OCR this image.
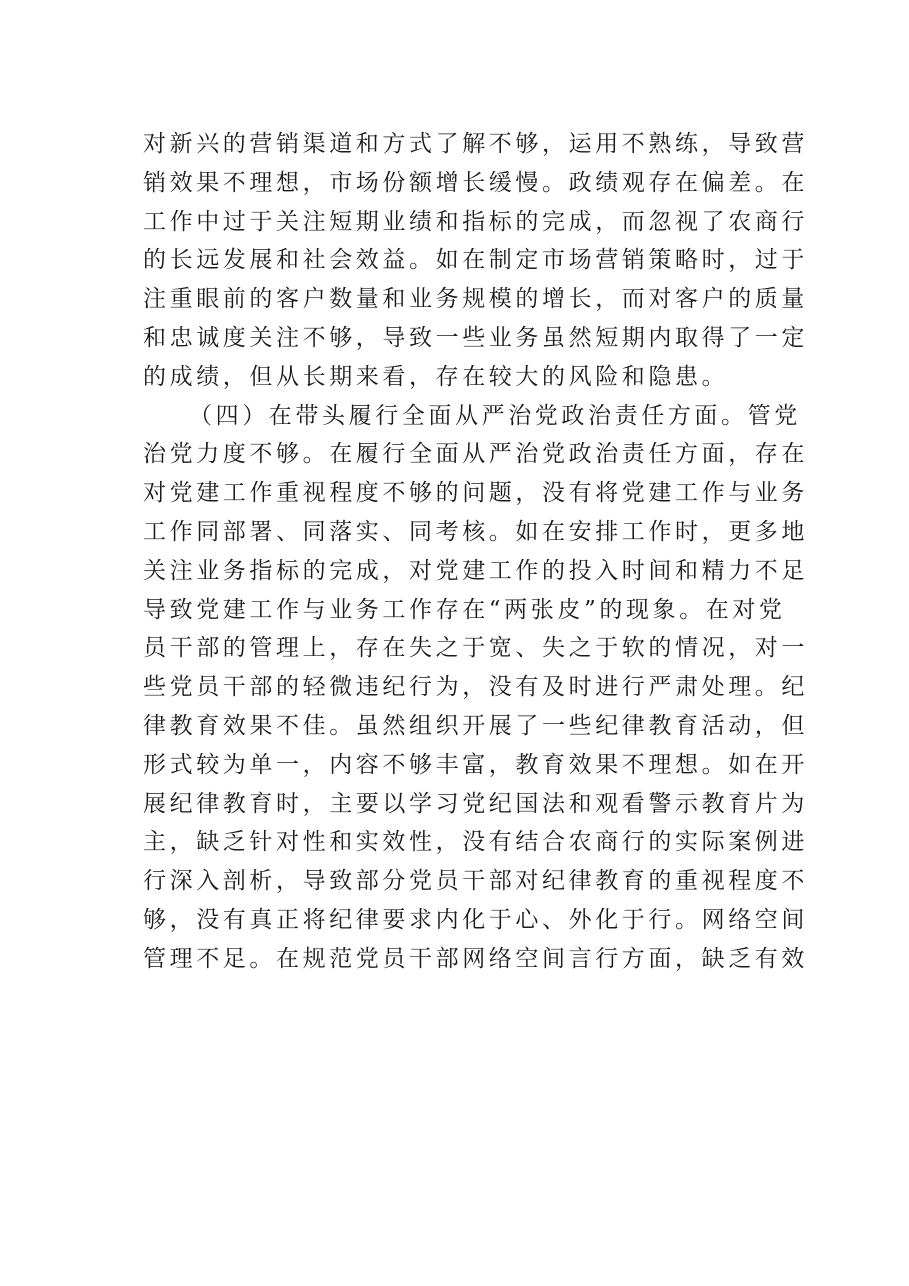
对新兴的营销渠道和方式了解不够，运用不熟练，导致营
销效果不理想，市场份额增长缓慢。政绩观存在偏差。在
工作中过于关注短期业绩和指标的完成，而忽视了农商行
的长远发展和社会效益。如在制定市场营销策略时，过于
注重眼前的客户数量和业务规模的增长，而对客户的质量
和忠诚度关注不够，导致一些业务虽然短期内取得了一定
的成绩，但从长期来看，存在较大的风险和隐患。
（四）在带头履行全面从严治党政治责任方面。管党
治党力度不够。在履行全面从严治党政治责任方面，存在
对党建工作重视程度不够的问题，没有将党建工作与业务
工作同部署、同落实、同考核。如在安排工作时，更多地
关注业务指标的完成，对党建工作的投入时间和精力不足
导致党建工作与业务工作存在“两张皮”的现象。在对党
员干部的管理上，存在失之于宽、失之于软的情况，对一
些党员干部的轻微违纪行为，没有及时进行严肃处理。纪
律教育效果不佳。虽然组织开展了一些纪律教育活动，但
形式较为单一，内容不够丰富，教育效果不理想。如在开
展纪律教育时，主要以学习党纪国法和观看警示教育片为
主，缺乏针对性和实效性，没有结合农商行的实际案例进
行深入剖析，导致部分党员干部对纪律教育的重视程度不
够，没有真正将纪律要求内化于心、外化于行。网络空间
管理不足。在规范党员干部网络空间言行方面，缺乏有效
